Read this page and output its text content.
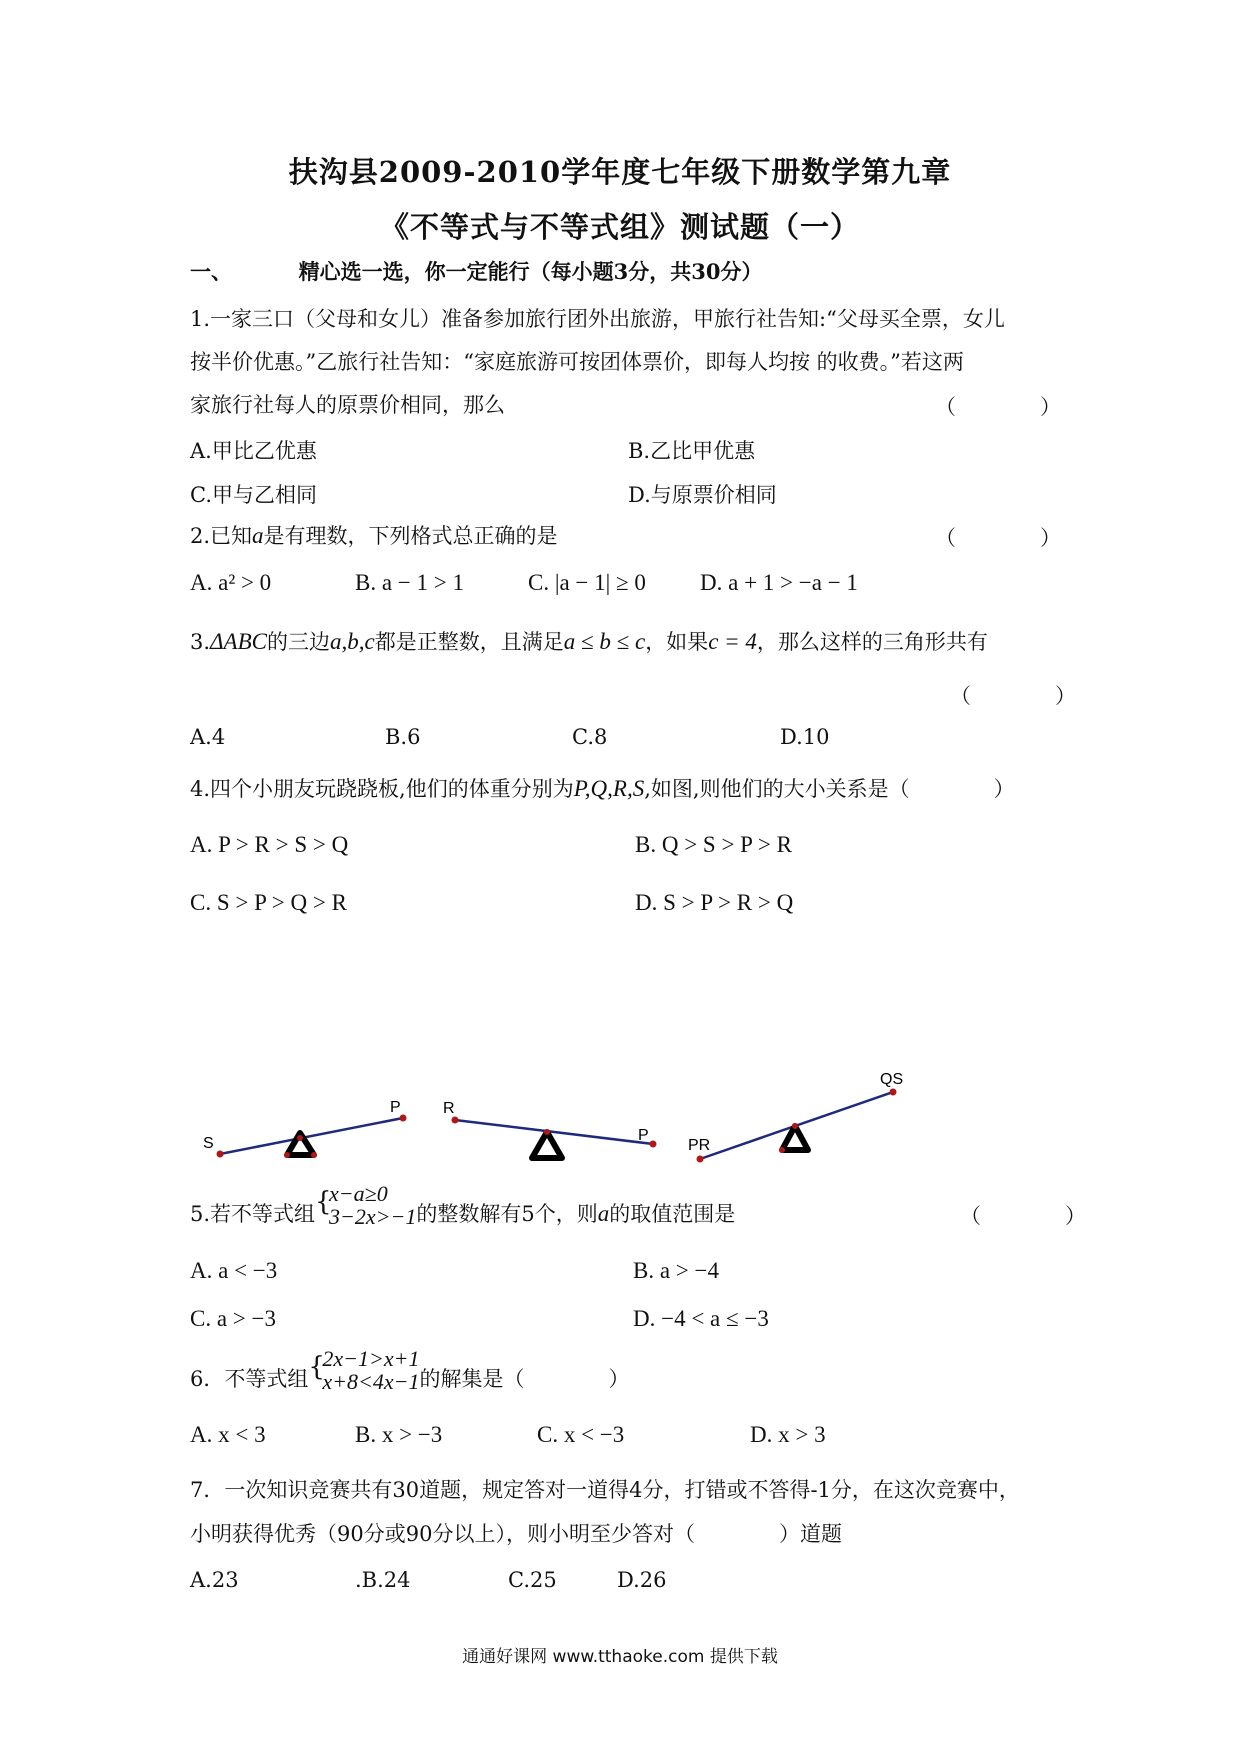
扶沟县2009-2010学年度七年级下册数学第九章
《不等式与不等式组》测试题（一）
一、	精心选一选，你一定能行（每小题3分，共30分）
1.一家三口（父母和女儿）准备参加旅行团外出旅游，甲旅行社告知:“父母买全票，女儿
按半价优惠。”乙旅行社告知：“家庭旅游可按团体票价，即每人均按 的收费。”若这两
家旅行社每人的原票价相同，那么	（　　　　）
A.甲比乙优惠	B.乙比甲优惠
C.甲与乙相同	D.与原票价相同
2.已知a是有理数，下列格式总正确的是	（　　　　）
A. a² > 0	B. a − 1 > 1	C. |a − 1| ≥ 0 D. a + 1 > −a − 1
3.ΔABC的三边a,b,c都是正整数，且满足a ≤ b ≤ c，如果c = 4，那么这样的三角形共有
（　　　　）
A.4	B.6	C.8	D.10
4.四个小朋友玩跷跷板,他们的体重分别为P,Q,R,S,如图,则他们的大小关系是（　　　　）
A. P > R > S > Q	B. Q > S > P > R
C. S > P > Q > R	D. S > P > R > Q
S
P	R
P
PR
QS
5.若不等式组 {
x−a≥0
3−2x>−1 的整数解有5个，则a的取值范围是	（　　　　）
A. a < −3	B. a > −4
C. a > −3	D. −4 < a ≤ −3
6．不等式组 {
2x−1>x+1
x+8<4x−1 的解集是（　　　　）
A. x < 3	B. x > −3	C. x < −3	D. x > 3
7．一次知识竞赛共有30道题，规定答对一道得4分，打错或不答得-1分，在这次竞赛中，
小明获得优秀（90分或90分以上），则小明至少答对（　　　　）道题
A.23	.B.24	C.25	D.26
通通好课网 www.tthaoke.com 提供下载
